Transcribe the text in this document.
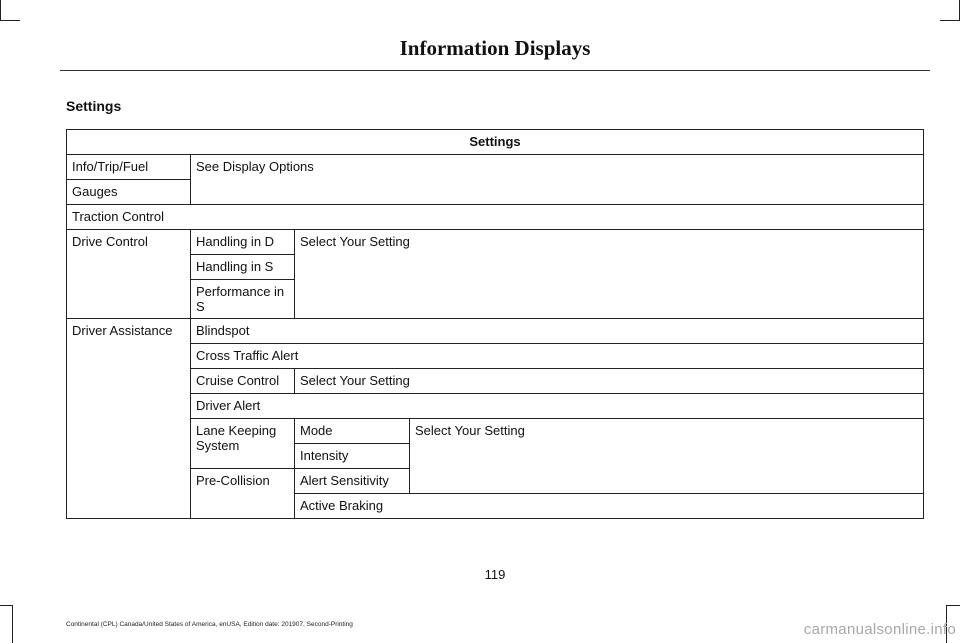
Information Displays
Settings
Settings			
Info/Trip/Fuel	See Display Options		
Gauges			
Traction Control			
Drive Control	Handling in D	Select Your Setting	
	Handling in S		
	Performance in S		
Driver Assistance	Blindspot		
	Cross Traffic Alert		
	Cruise Control	Select Your Setting	
	Driver Alert		
	Lane Keeping System	Mode	Select Your Setting
		Intensity	
	Pre-Collision	Alert Sensitivity	
		Active Braking	
119
Continental (CPL) Canada/United States of America, enUSA, Edition date: 201907, Second-Printing	carmanualsonline.info
